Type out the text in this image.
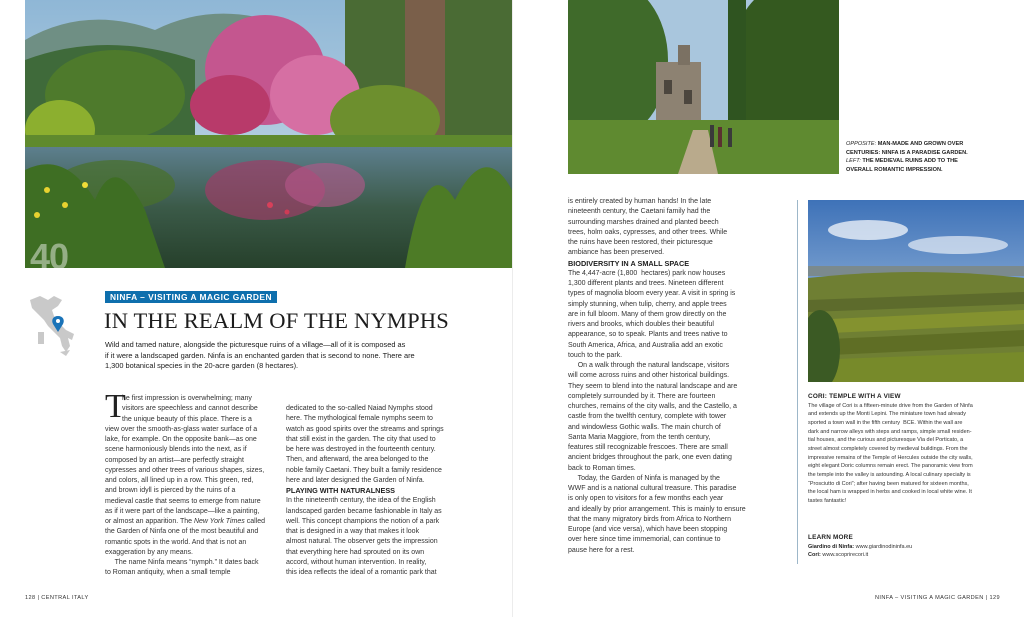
40
OPPOSITE: MAN-MADE AND GROWN OVER
CENTURIES: NINFA IS A PARADISE GARDEN.
LEFT: THE MEDIEVAL RUINS ADD TO THE
OVERALL ROMANTIC IMPRESSION.
NINFA – VISITING A MAGIC GARDEN
IN THE REALM OF THE NYMPHS
Wild and tamed nature, alongside the picturesque ruins of a village—all of it is composed as
if it were a landscaped garden. Ninfa is an enchanted garden that is second to none. There are
1,300 botanical species in the 20-acre garden (8 hectares).
T
he first impression is overwhelming; many
visitors are speechless and cannot describe
the unique beauty of this place. There is a
view over the smooth-as-glass water surface of a
lake, for example. On the opposite bank—as one
scene harmoniously blends into the next, as if
composed by an artist—are perfectly straight
cypresses and other trees of various shapes, sizes,
and colors, all lined up in a row. This green, red,
and brown idyll is pierced by the ruins of a
medieval castle that seems to emerge from nature
as if it were part of the landscape—like a painting,
or almost an apparition. The New York Times called
the Garden of Ninfa one of the most beautiful and
romantic spots in the world. And that is not an
exaggeration by any means.
The name Ninfa means “nymph.” It dates back
to Roman antiquity, when a small temple
dedicated to the so-called Naiad Nymphs stood
here. The mythological female nymphs seem to
watch as good spirits over the streams and springs
that still exist in the garden. The city that used to
be here was destroyed in the fourteenth century.
Then, and afterward, the area belonged to the
noble family Caetani. They built a family residence
here and later designed the Garden of Ninfa.
PLAYING WITH NATURALNESS
In the nineteenth century, the idea of the English
landscaped garden became fashionable in Italy as
well. This concept champions the notion of a park
that is designed in a way that makes it look
almost natural. The observer gets the impression
that everything here had sprouted on its own
accord, without human intervention. In reality,
this idea reflects the ideal of a romantic park that
is entirely created by human hands! In the late
nineteenth century, the Caetani family had the
surrounding marshes drained and planted beech
trees, holm oaks, cypresses, and other trees. While
the ruins have been restored, their picturesque
ambiance has been preserved.
BIODIVERSITY IN A SMALL SPACE
The 4,447-acre (1,800  hectares) park now houses
1,300 different plants and trees. Nineteen different
types of magnolia bloom every year. A visit in spring is
simply stunning, when tulip, cherry, and apple trees
are in full bloom. Many of them grow directly on the
rivers and brooks, which doubles their beautiful
appearance, so to speak. Plants and trees native to
South America, Africa, and Australia add an exotic
touch to the park.
On a walk through the natural landscape, visitors
will come across ruins and other historical buildings.
They seem to blend into the natural landscape and are
completely surrounded by it. There are fourteen
churches, remains of the city walls, and the Castello, a
castle from the twelfth century, complete with tower
and windowless Gothic walls. The main church of
Santa Maria Maggiore, from the tenth century,
features still recognizable frescoes. There are small
ancient bridges throughout the park, one even dating
back to Roman times.
Today, the Garden of Ninfa is managed by the
WWF and is a national cultural treasure. This paradise
is only open to visitors for a few months each year
and ideally by prior arrangement. This is mainly to ensure
that the many migratory birds from Africa to Northern
Europe (and vice versa), which have been stopping
over here since time immemorial, can continue to
pause here for a rest.
CORI: TEMPLE WITH A VIEW
The village of Cori is a fifteen-minute drive from the Garden of Ninfa
and extends up the Monti Lepini. The miniature town had already
sported a town wall in the fifth century  BCE. Within the wall are
dark and narrow alleys with steps and ramps, simple small residen-
tial houses, and the curious and picturesque Via del Porticato, a
street almost completely covered by medieval buildings. From the
impressive remains of the Temple of Hercules outside the city walls,
eight elegant Doric columns remain erect. The panoramic view from
the temple into the valley is astounding. A local culinary specialty is
“Prosciutto di Cori”; after having been matured for sixteen months,
the local ham is wrapped in herbs and cooked in local white wine. It
tastes fantastic!
LEARN MORE
Giardino di Ninfa: www.giardinodininfa.eu
Cori: www.scoprirecori.it
128 | CENTRAL ITALY	NINFA – VISITING A MAGIC GARDEN | 129
